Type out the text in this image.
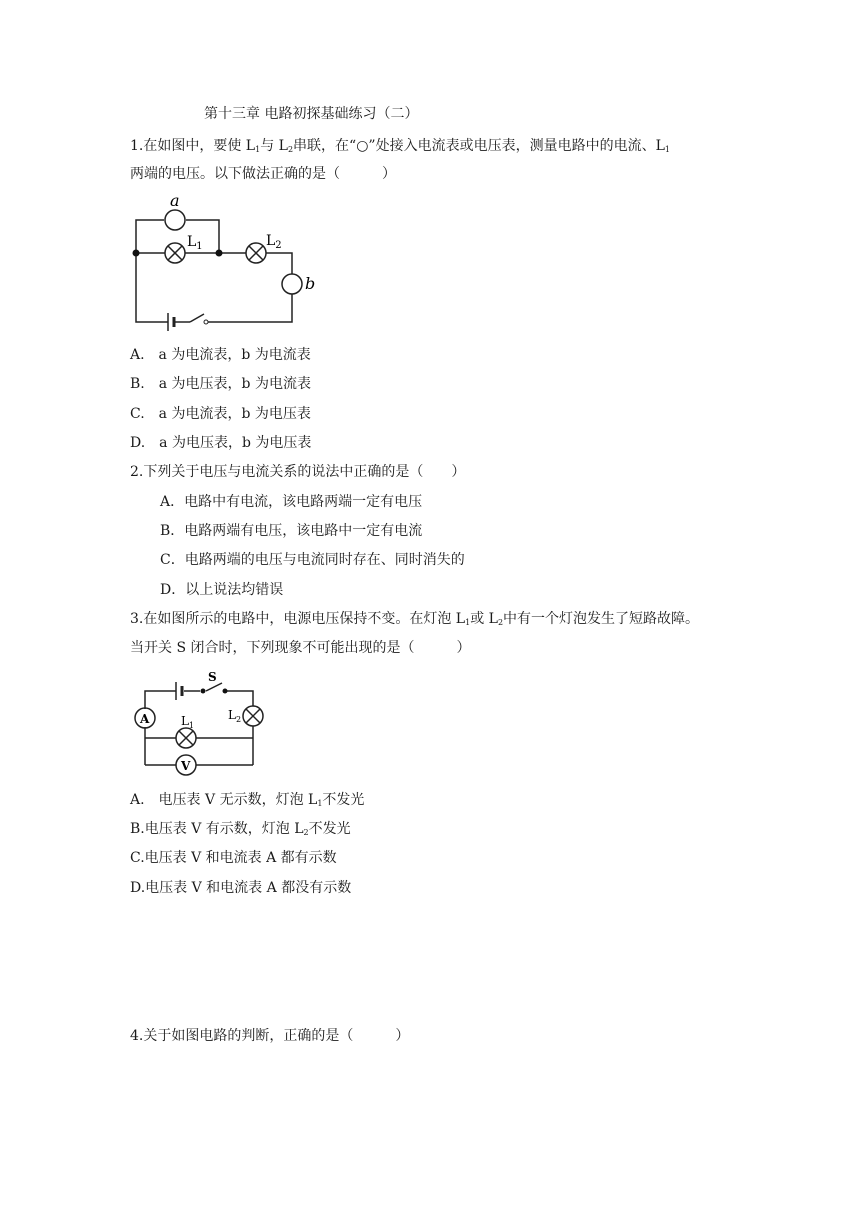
第十三章 电路初探基础练习（二）
1.在如图中，要使 $L_1$与 $L_2$串联，在“○”处接入电流表或电压表，测量电路中的电流、$L_1$
两端的电压。以下做法正确的是（　　　）
a
b
$L_1$	$L_2$
A.　a 为电流表，b 为电流表
B.　a 为电压表，b 为电流表
C.　a 为电流表，b 为电压表
D.　a 为电压表，b 为电压表
2.下列关于电压与电流关系的说法中正确的是（　　）
A．电路中有电流，该电路两端一定有电压
B．电路两端有电压，该电路中一定有电流
C．电路两端的电压与电流同时存在、同时消失的
D．以上说法均错误
3.在如图所示的电路中，电源电压保持不变。在灯泡 $L_1$或 $L_2$中有一个灯泡发生了短路故障。
当开关 S 闭合时，下列现象不可能出现的是（　　　）
S
A
V
$L_1$
$L_2$
A.　电压表 V 无示数，灯泡 $L_1$不发光
B.电压表 V 有示数，灯泡 $L_2$不发光
C.电压表 V 和电流表 A 都有示数
D.电压表 V 和电流表 A 都没有示数
4.关于如图电路的判断，正确的是（　　　）
